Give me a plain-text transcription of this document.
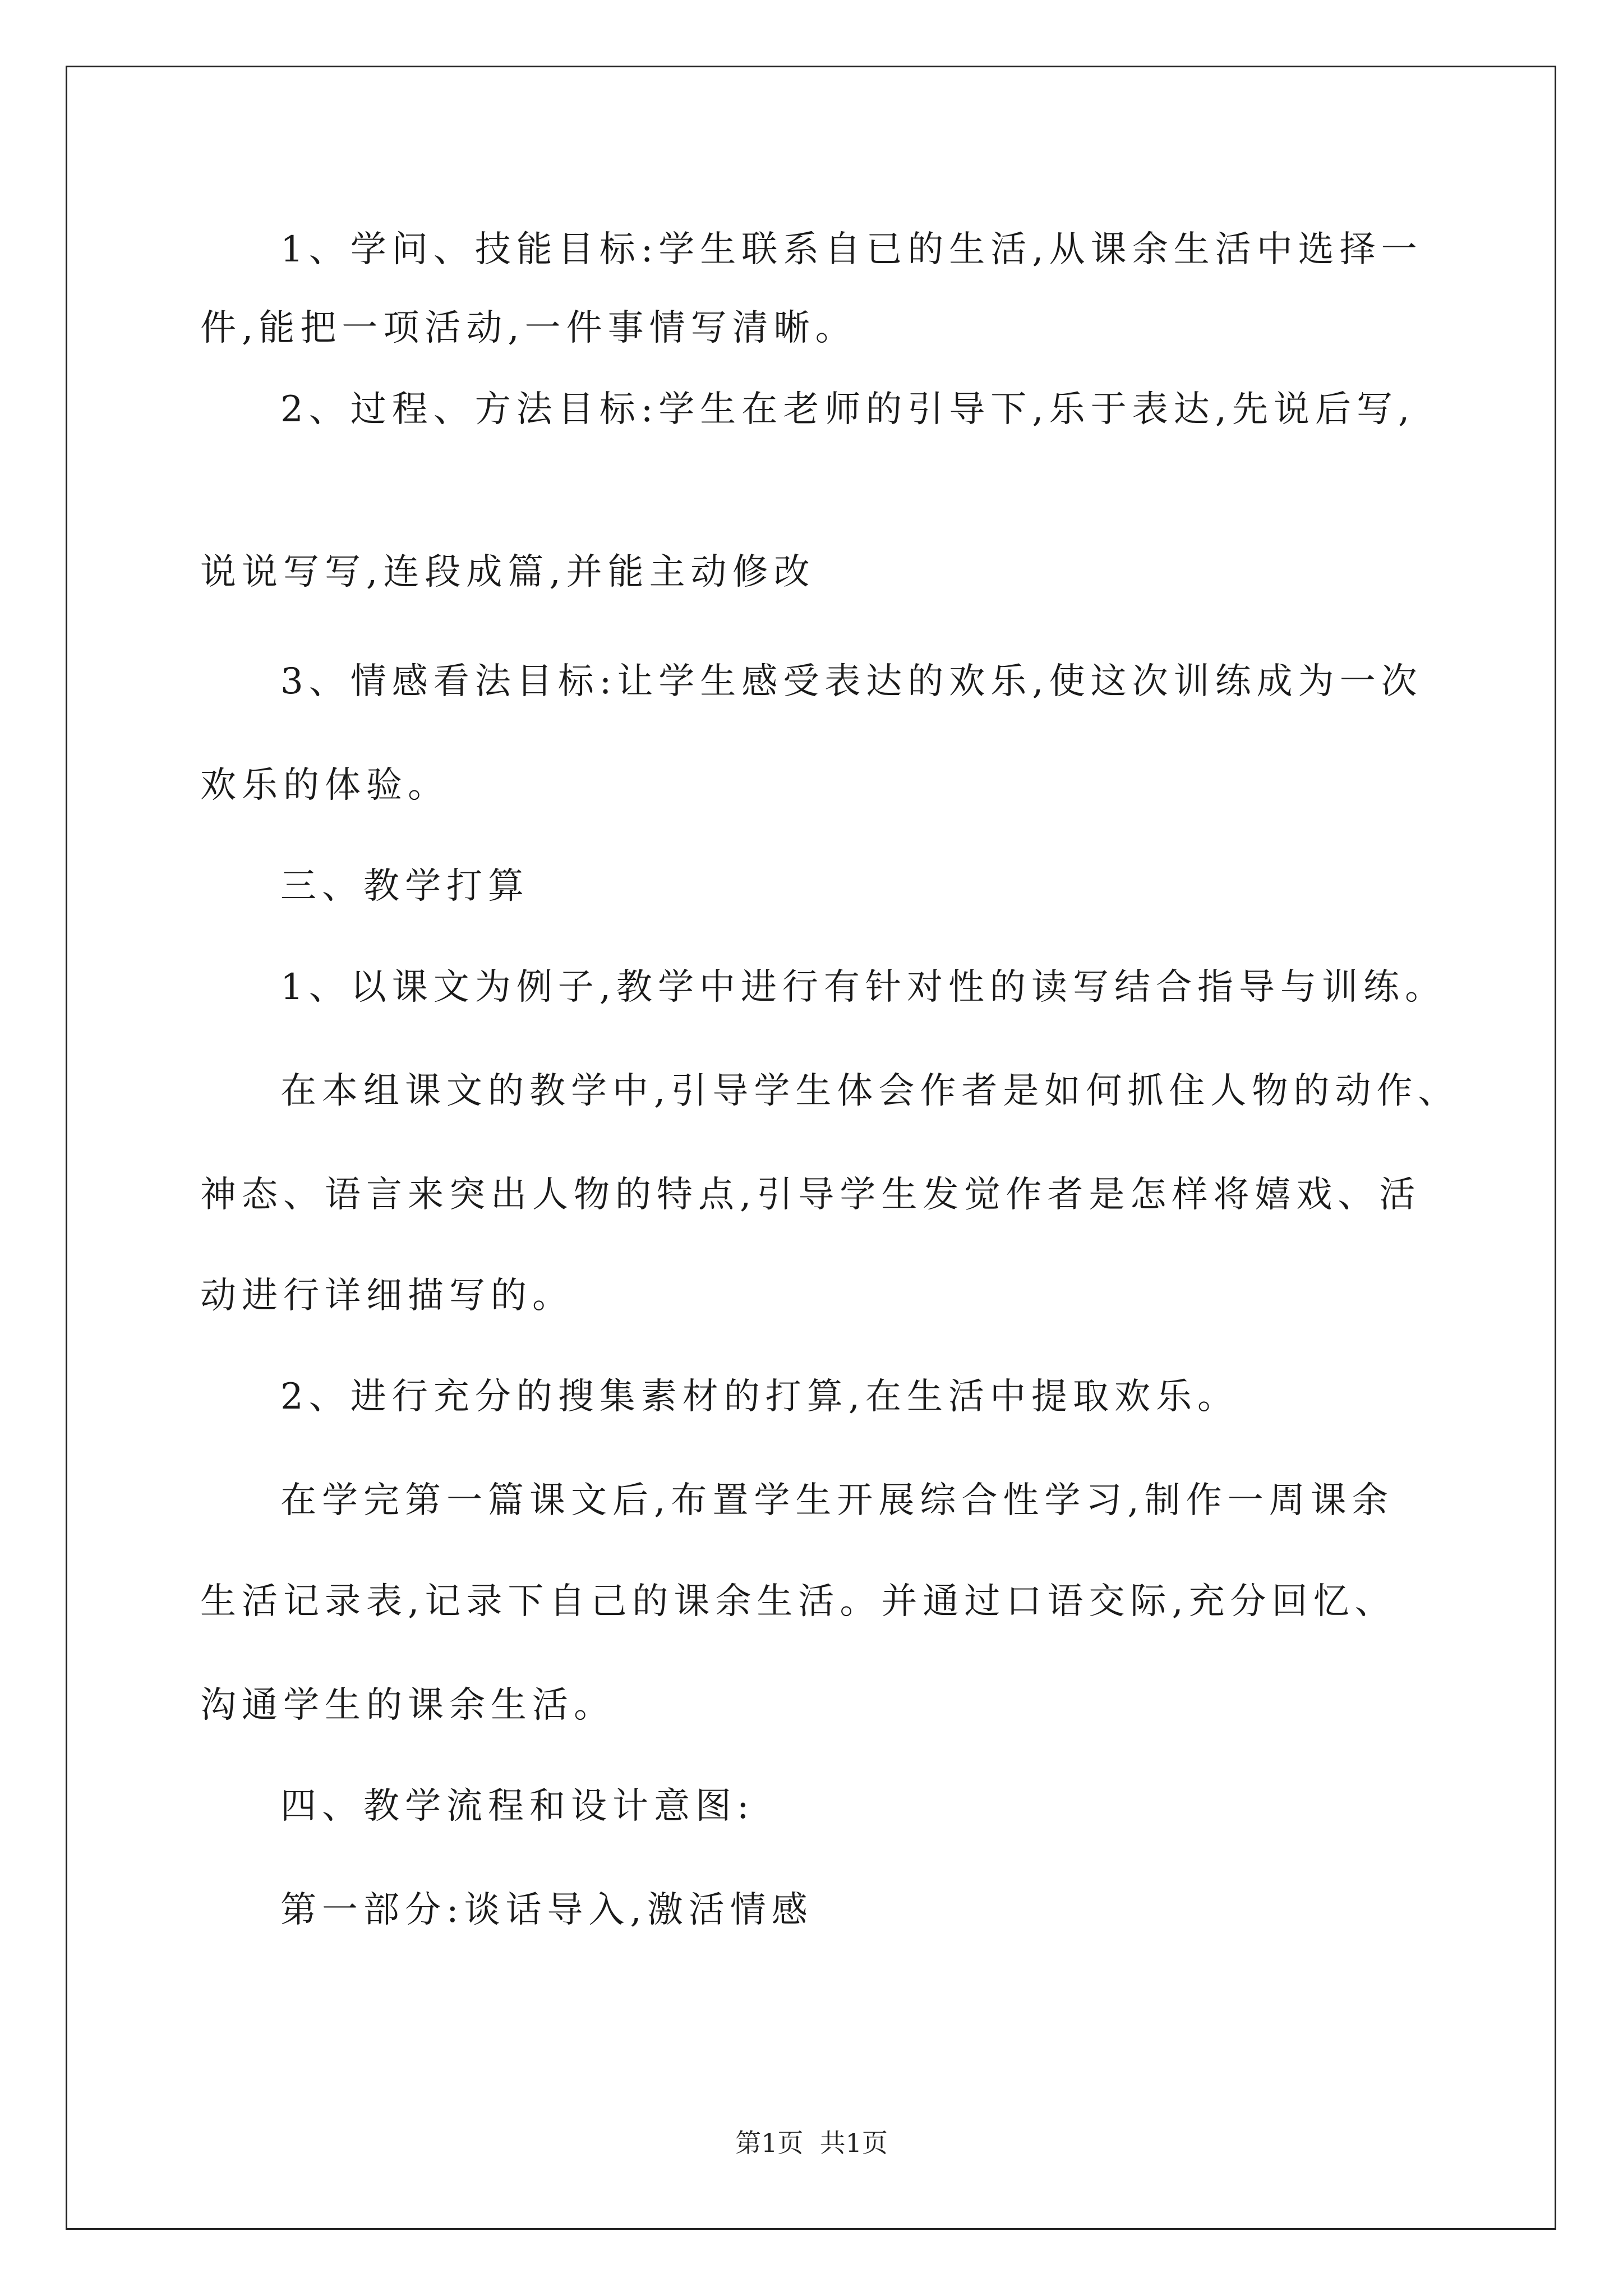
1、学问、技能目标:学生联系自已的生活,从课余生活中选择一

件,能把一项活动,一件事情写清晰。

2、过程、方法目标:学生在老师的引导下,乐于表达,先说后写,

说说写写,连段成篇,并能主动修改

3、情感看法目标:让学生感受表达的欢乐,使这次训练成为一次

欢乐的体验。

三、教学打算

1、以课文为例子,教学中进行有针对性的读写结合指导与训练。

在本组课文的教学中,引导学生体会作者是如何抓住人物的动作、

神态、语言来突出人物的特点,引导学生发觉作者是怎样将嬉戏、活

动进行详细描写的。

2、进行充分的搜集素材的打算,在生活中提取欢乐。

在学完第一篇课文后,布置学生开展综合性学习,制作一周课余

生活记录表,记录下自己的课余生活。并通过口语交际,充分回忆、

沟通学生的课余生活。

四、教学流程和设计意图:

第一部分:谈话导入,激活情感

第1页  共1页
